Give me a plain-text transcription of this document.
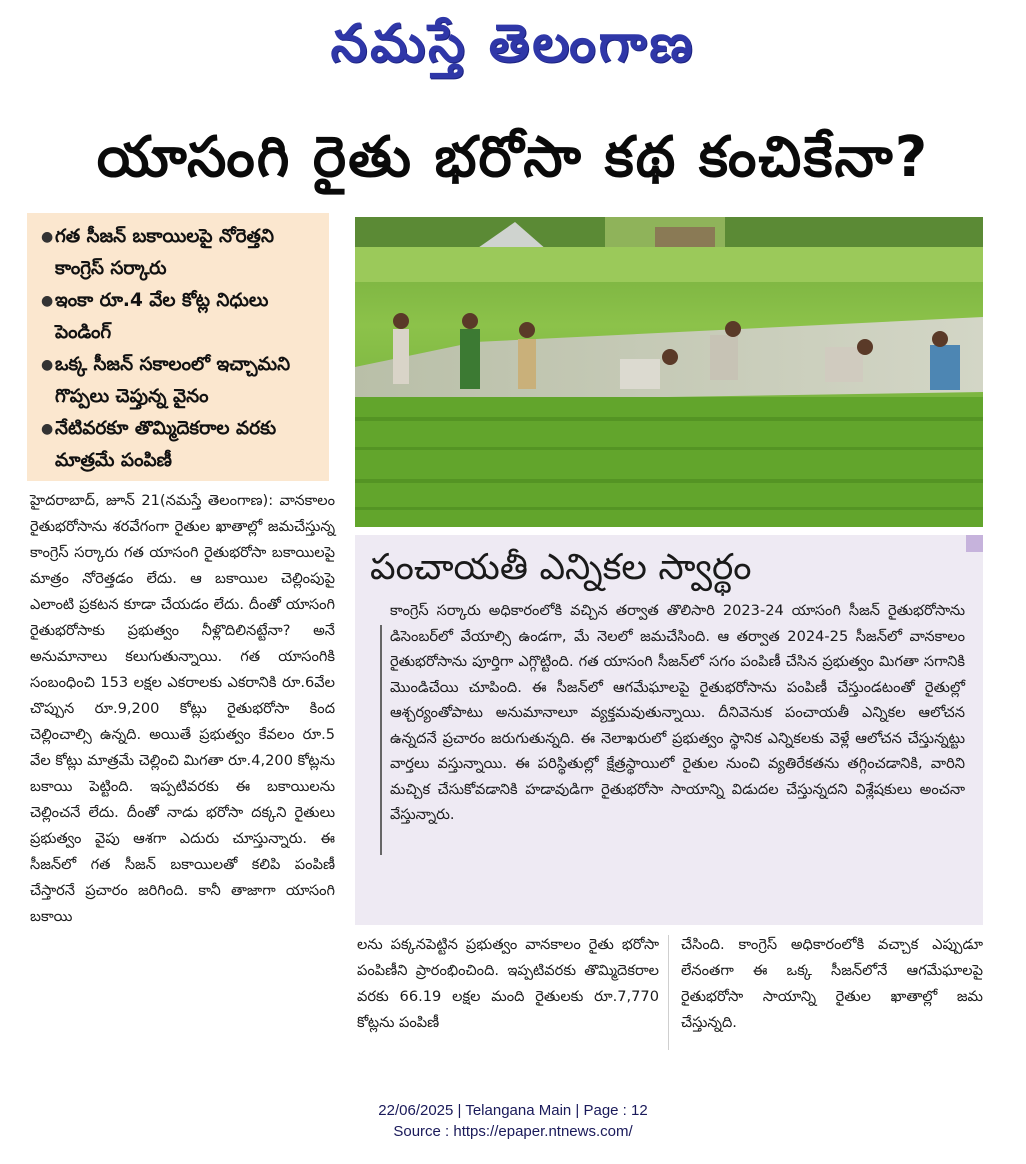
నమస్తే తెలంగాణ
యాసంగి రైతు భరోసా కథ కంచికేనా?
● గత సీజన్ బకాయిలపై నోరెత్తని కాంగ్రెస్ సర్కారు
● ఇంకా రూ.4 వేల కోట్ల నిధులు పెండింగ్
● ఒక్క సీజన్ సకాలంలో ఇచ్చామని గొప్పలు చెప్తున్న వైనం
● నేటివరకూ తొమ్మిదెకరాల వరకు మాత్రమే పంపిణీ
పంచాయతీ ఎన్నికల స్వార్థం
కాంగ్రెస్ సర్కారు అధికారంలోకి వచ్చిన తర్వాత తొలిసారి 2023-24 యాసంగి సీజన్ రైతుభరోసాను డిసెంబర్‌లో వేయాల్సి ఉండగా, మే నెలలో జమచేసింది. ఆ తర్వాత 2024-25 సీజన్‌లో వానకాలం రైతుభరోసాను పూర్తిగా ఎగ్గొట్టింది. గత యాసంగి సీజన్‌లో సగం పంపిణీ చేసిన ప్రభుత్వం మిగతా సగానికి మొండిచేయి చూపింది. ఈ సీజన్‌లో ఆగమేఘాలపై రైతుభరోసాను పంపిణీ చేస్తుండటంతో రైతుల్లో ఆశ్చర్యంతోపాటు అనుమానాలూ వ్యక్తమవుతున్నాయి. దీనివెనుక పంచాయతీ ఎన్నికల ఆలోచన ఉన్నదనే ప్రచారం జరుగుతున్నది. ఈ నెలాఖరులో ప్రభుత్వం స్థానిక ఎన్నికలకు వెళ్లే ఆలోచన చేస్తున్నట్టు వార్తలు వస్తున్నాయి. ఈ పరిస్థితుల్లో క్షేత్రస్థాయిలో రైతుల నుంచి వ్యతిరేకతను తగ్గించడానికి, వారిని మచ్చిక చేసుకోవడానికి హడావుడిగా రైతుభరోసా సాయాన్ని విడుదల చేస్తున్నదని విశ్లేషకులు అంచనా వేస్తున్నారు.
హైదరాబాద్, జూన్ 21(నమస్తే తెలంగాణ): వానకాలం రైతుభరోసాను శరవేగంగా రైతుల ఖాతాల్లో జమచేస్తున్న కాంగ్రెస్ సర్కారు గత యాసంగి రైతుభరోసా బకాయిలపై మాత్రం నోరెత్తడం లేదు. ఆ బకాయిల చెల్లింపుపై ఎలాంటి ప్రకటన కూడా చేయడం లేదు. దీంతో యాసంగి రైతుభరోసాకు ప్రభుత్వం నీళ్లొదిలినట్టేనా? అనే అనుమానాలు కలుగుతున్నాయి. గత యాసంగికి సంబంధించి 153 లక్షల ఎకరాలకు ఎకరానికి రూ.6వేల చొప్పున రూ.9,200 కోట్లు రైతుభరోసా కింద చెల్లించాల్సి ఉన్నది. అయితే ప్రభుత్వం కేవలం రూ.5 వేల కోట్లు మాత్రమే చెల్లించి మిగతా రూ.4,200 కోట్లను బకాయి పెట్టింది. ఇప్పటివరకు ఈ బకాయిలను చెల్లించనే లేదు. దీంతో నాడు భరోసా దక్కని రైతులు ప్రభుత్వం వైపు ఆశగా ఎదురు చూస్తున్నారు. ఈ సీజన్‌లో గత సీజన్ బకాయిలతో కలిపి పంపిణీ చేస్తారనే ప్రచారం జరిగింది. కానీ తాజాగా యాసంగి బకాయి
లను పక్కనపెట్టిన ప్రభుత్వం వానకాలం రైతు భరోసా పంపిణీని ప్రారంభించింది. ఇప్పటివరకు తొమ్మిదెకరాల వరకు 66.19 లక్షల మంది రైతులకు రూ.7,770 కోట్లను పంపిణీ
చేసింది. కాంగ్రెస్ అధికారంలోకి వచ్చాక ఎప్పుడూ లేనంతగా ఈ ఒక్క సీజన్‌లోనే ఆగమేఘాలపై రైతుభరోసా సాయాన్ని రైతుల ఖాతాల్లో జమ చేస్తున్నది.
22/06/2025 | Telangana Main | Page : 12
Source : https://epaper.ntnews.com/
